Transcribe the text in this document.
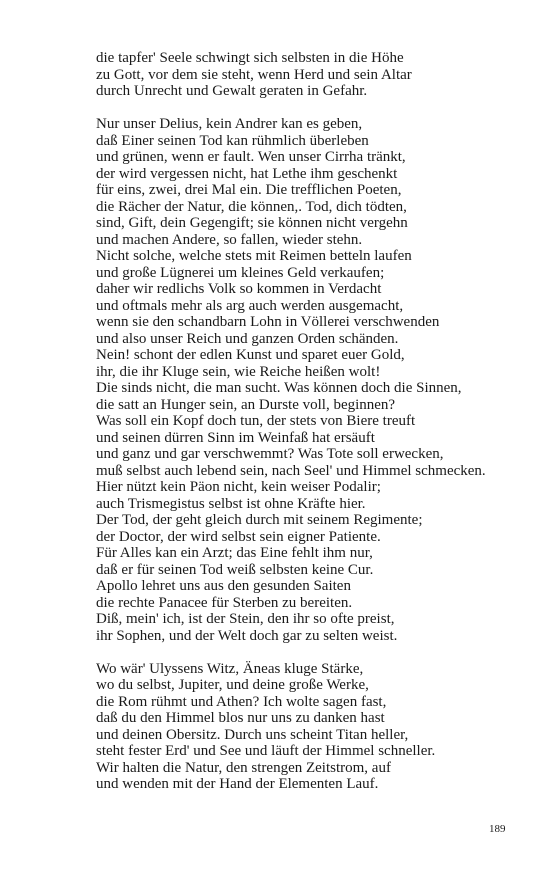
die tapfer' Seele schwingt sich selbsten in die Höhe
zu Gott, vor dem sie steht, wenn Herd und sein Altar
durch Unrecht und Gewalt geraten in Gefahr.
Nur unser Delius, kein Andrer kan es geben,
daß Einer seinen Tod kan rühmlich überleben
und grünen, wenn er fault. Wen unser Cirrha tränkt,
der wird vergessen nicht, hat Lethe ihm geschenkt
für eins, zwei, drei Mal ein. Die trefflichen Poeten,
die Rächer der Natur, die können,. Tod, dich tödten,
sind, Gift, dein Gegengift; sie können nicht vergehn
und machen Andere, so fallen, wieder stehn.
Nicht solche, welche stets mit Reimen betteln laufen
und große Lügnerei um kleines Geld verkaufen;
daher wir redlichs Volk so kommen in Verdacht
und oftmals mehr als arg auch werden ausgemacht,
wenn sie den schandbarn Lohn in Völlerei verschwenden
und also unser Reich und ganzen Orden schänden.
Nein! schont der edlen Kunst und sparet euer Gold,
ihr, die ihr Kluge sein, wie Reiche heißen wolt!
Die sinds nicht, die man sucht. Was können doch die Sinnen,
die satt an Hunger sein, an Durste voll, beginnen?
Was soll ein Kopf doch tun, der stets von Biere treuft
und seinen dürren Sinn im Weinfaß hat ersäuft
und ganz und gar verschwemmt? Was Tote soll erwecken,
muß selbst auch lebend sein, nach Seel' und Himmel schmecken.
Hier nützt kein Päon nicht, kein weiser Podalir;
auch Trismegistus selbst ist ohne Kräfte hier.
Der Tod, der geht gleich durch mit seinem Regimente;
der Doctor, der wird selbst sein eigner Patiente.
Für Alles kan ein Arzt; das Eine fehlt ihm nur,
daß er für seinen Tod weiß selbsten keine Cur.
Apollo lehret uns aus den gesunden Saiten
die rechte Panacee für Sterben zu bereiten.
Diß, mein' ich, ist der Stein, den ihr so ofte preist,
ihr Sophen, und der Welt doch gar zu selten weist.
Wo wär' Ulyssens Witz, Äneas kluge Stärke,
wo du selbst, Jupiter, und deine große Werke,
die Rom rühmt und Athen? Ich wolte sagen fast,
daß du den Himmel blos nur uns zu danken hast
und deinen Obersitz. Durch uns scheint Titan heller,
steht fester Erd' und See und läuft der Himmel schneller.
Wir halten die Natur, den strengen Zeitstrom, auf
und wenden mit der Hand der Elementen Lauf.
189
